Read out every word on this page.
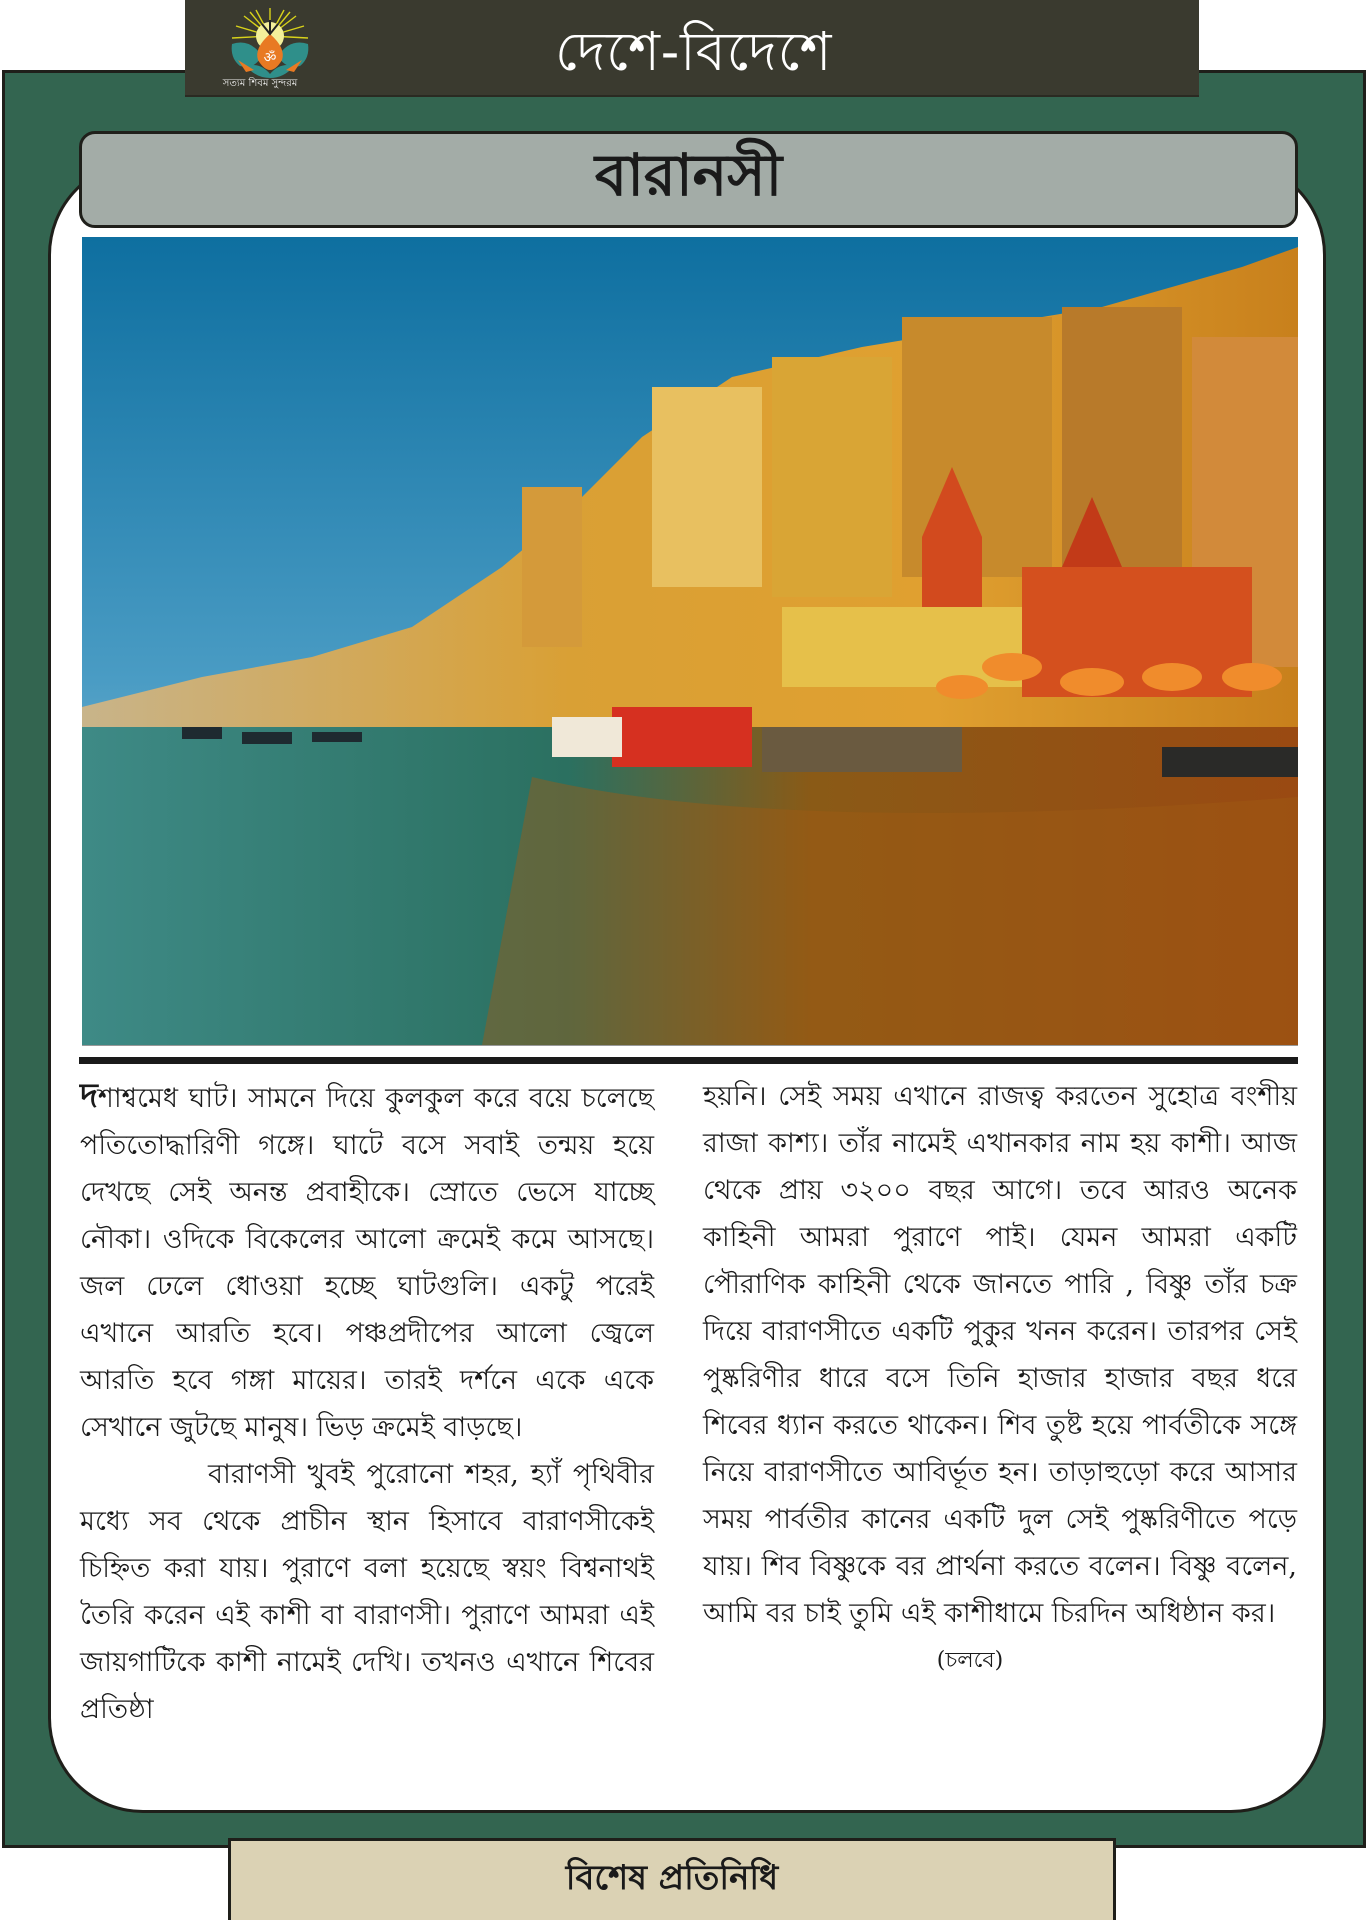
ॐ
সত্যম শিবম সুন্দরম
দেশে-বিদেশে
বারানসী

দশাশ্বমেধ ঘাট। সামনে দিয়ে কুলকুল করে বয়ে চলেছে পতিতোদ্ধারিণী গঙ্গে। ঘাটে বসে সবাই তন্ময় হয়ে দেখছে সেই অনন্ত প্রবাহীকে। স্রোতে ভেসে যাচ্ছে নৌকা। ওদিকে বিকেলের আলো ক্রমেই কমে আসছে। জল ঢেলে ধোওয়া হচ্ছে ঘাটগুলি। একটু পরেই এখানে আরতি হবে। পঞ্চপ্রদীপের আলো জ্বেলে আরতি হবে গঙ্গা মায়ের। তারই দর্শনে একে একে সেখানে জুটছে মানুষ। ভিড় ক্রমেই বাড়ছে।

বারাণসী খুবই পুরোনো শহর, হ্যাঁ পৃথিবীর মধ্যে সব থেকে প্রাচীন স্থান হিসাবে বারাণসীকেই চিহ্নিত করা যায়। পুরাণে বলা হয়েছে স্বয়ং বিশ্বনাথই তৈরি করেন এই কাশী বা বারাণসী। পুরাণে আমরা এই জায়গাটিকে কাশী নামেই দেখি। তখনও এখানে শিবের প্রতিষ্ঠা

হয়নি। সেই সময় এখানে রাজত্ব করতেন সুহোত্র বংশীয় রাজা কাশ্য। তাঁর নামেই এখানকার নাম হয় কাশী। আজ থেকে প্রায় ৩২০০ বছর আগে। তবে আরও অনেক কাহিনী আমরা পুরাণে পাই। যেমন আমরা একটি পৌরাণিক কাহিনী থেকে জানতে পারি , বিষ্ণু তাঁর চক্র দিয়ে বারাণসীতে একটি পুকুর খনন করেন। তারপর সেই পুষ্করিণীর ধারে বসে তিনি হাজার হাজার বছর ধরে শিবের ধ্যান করতে থাকেন। শিব তুষ্ট হয়ে পার্বতীকে সঙ্গে নিয়ে বারাণসীতে আবির্ভূত হন। তাড়াহুড়ো করে আসার সময় পার্বতীর কানের একটি দুল সেই পুষ্করিণীতে পড়ে যায়। শিব বিষ্ণুকে বর প্রার্থনা করতে বলেন। বিষ্ণু বলেন, আমি বর চাই তুমি এই কাশীধামে চিরদিন অধিষ্ঠান কর।

(চলবে)

বিশেষ প্রতিনিধি
